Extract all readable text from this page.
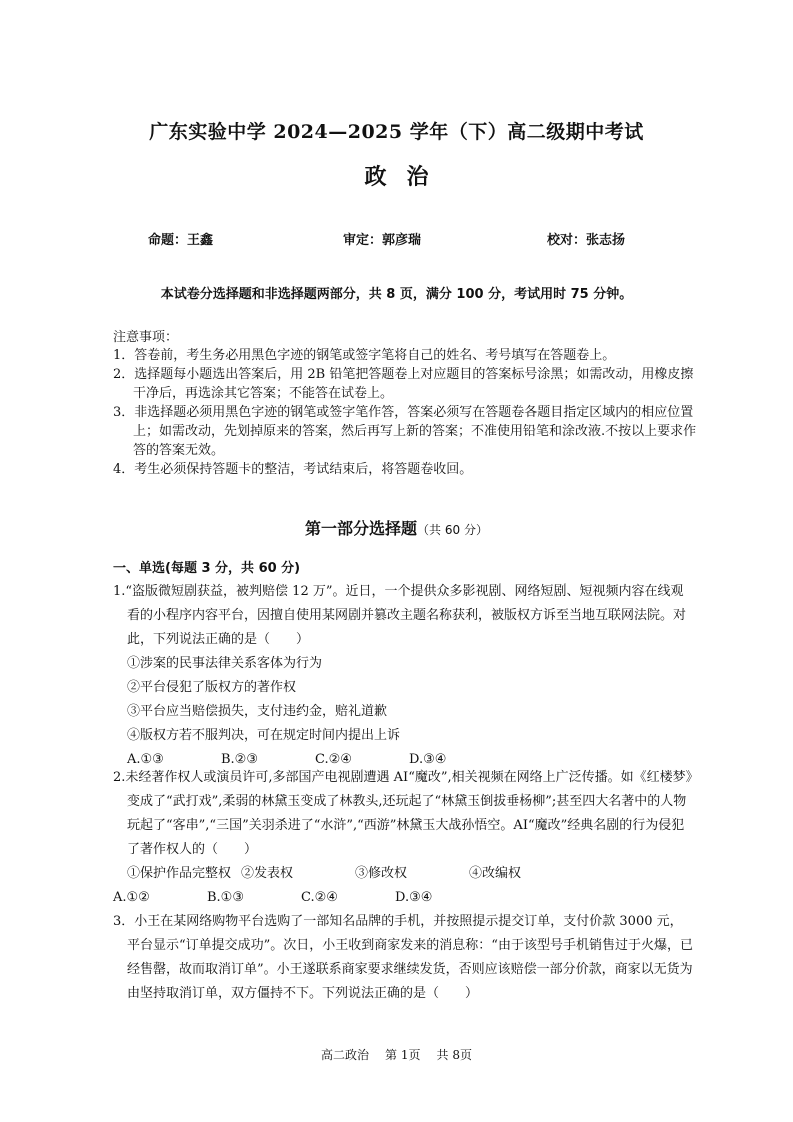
广东实验中学 2024—2025 学年（下）高二级期中考试
政治
命题：王鑫	审定：郭彦瑞	校对：张志扬
本试卷分选择题和非选择题两部分，共 8 页，满分 100 分，考试用时 75 分钟。
注意事项：

1．答卷前，考生务必用黑色字迹的钢笔或签字笔将自己的姓名、考号填写在答题卷上。

2．选择题每小题选出答案后，用 2B 铅笔把答题卷上对应题目的答案标号涂黑；如需改动，用橡皮擦干净后，再选涂其它答案；不能答在试卷上。

3．非选择题必须用黑色字迹的钢笔或签字笔作答，答案必须写在答题卷各题目指定区域内的相应位置上；如需改动，先划掉原来的答案，然后再写上新的答案；不准使用铅笔和涂改液.不按以上要求作答的答案无效。

4．考生必须保持答题卡的整洁，考试结束后，将答题卷收回。

第一部分选择题（共 60 分）
一、单选(每题 3 分，共 60 分)

1.“盗版微短剧获益，被判赔偿 12 万”。近日，一个提供众多影视剧、网络短剧、短视频内容在线观看的小程序内容平台，因擅自使用某网剧并篡改主题名称获利，被版权方诉至当地互联网法院。对此，下列说法正确的是（　　）

①涉案的民事法律关系客体为行为

②平台侵犯了版权方的著作权

③平台应当赔偿损失，支付违约金，赔礼道歉

④版权方若不服判决，可在规定时间内提出上诉

A.①③	B.②③	C.②④	D.③④

2.未经著作权人或演员许可,多部国产电视剧遭遇 AI“魔改”,相关视频在网络上广泛传播。如《红楼梦》变成了“武打戏”,柔弱的林黛玉变成了林教头,还玩起了“林黛玉倒拔垂杨柳”;甚至四大名著中的人物玩起了“客串”,“三国”关羽杀进了“水浒”,“西游”林黛玉大战孙悟空。AI“魔改”经典名剧的行为侵犯了著作权人的（　　）

①保护作品完整权 ②发表权	③修改权	④改编权

A.①②	B.①③	C.②④	D.③④

3．小王在某网络购物平台选购了一部知名品牌的手机，并按照提示提交订单，支付价款 3000 元，平台显示“订单提交成功”。次日，小王收到商家发来的消息称：“由于该型号手机销售过于火爆，已经售罄，故而取消订单”。小王遂联系商家要求继续发货，否则应该赔偿一部分价款，商家以无货为由坚持取消订单，双方僵持不下。下列说法正确的是（　　）

高二政治 第 1页 共 8页
